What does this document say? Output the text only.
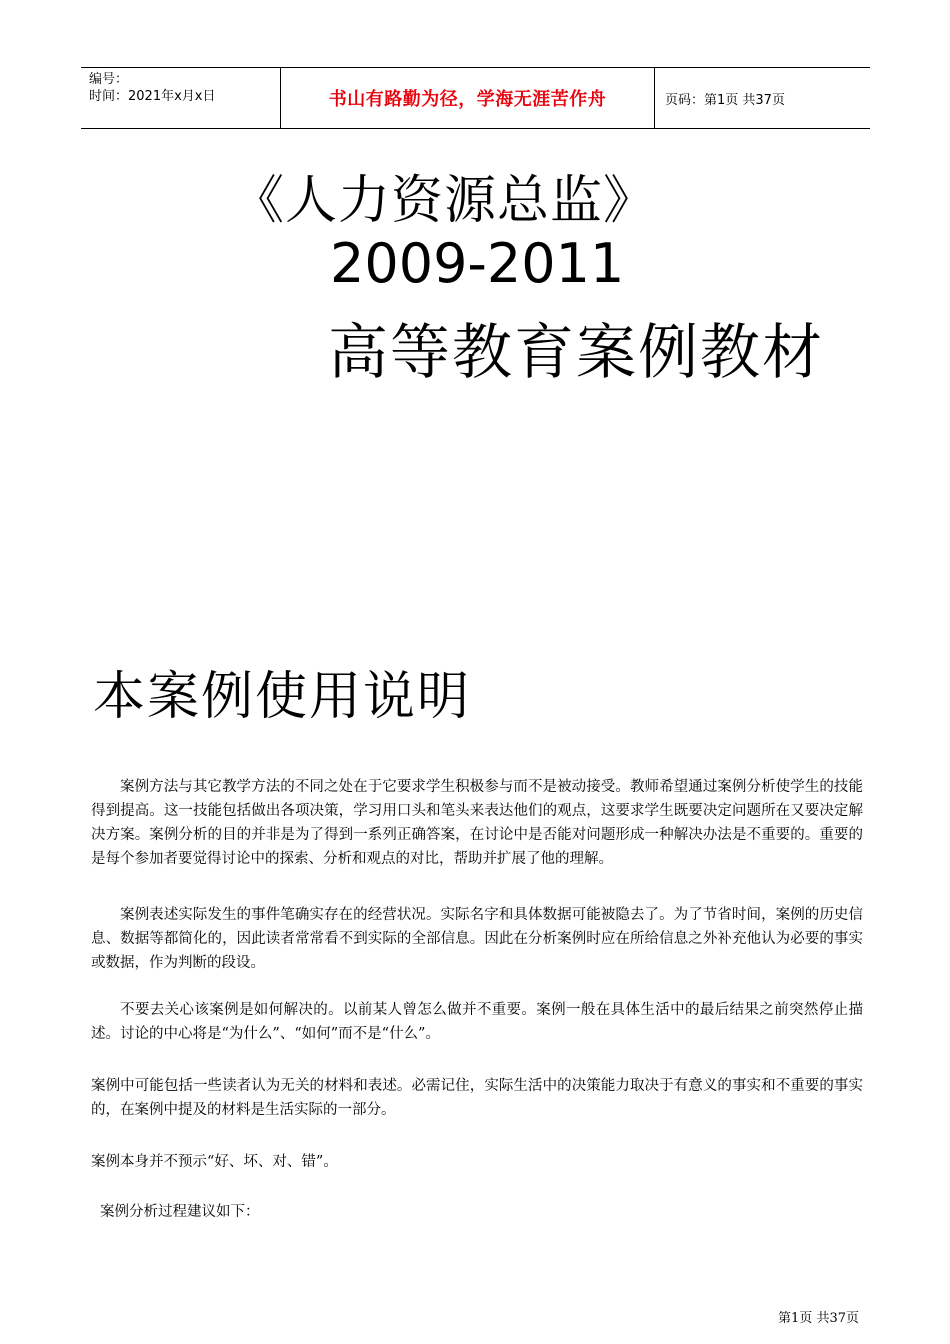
编号：
时间：2021年x月x日	书山有路勤为径，学海无涯苦作舟	页码：第1页 共37页
《人力资源总监》
2009-2011
高等教育案例教材
本案例使用说明

案例方法与其它教学方法的不同之处在于它要求学生积极参与而不是被动接受。教师希望通过案例分析使学生的技能得到提高。这一技能包括做出各项决策，学习用口头和笔头来表达他们的观点，这要求学生既要决定问题所在又要决定解决方案。案例分析的目的并非是为了得到一系列正确答案，在讨论中是否能对问题形成一种解决办法是不重要的。重要的是每个参加者要觉得讨论中的探索、分析和观点的对比，帮助并扩展了他的理解。

案例表述实际发生的事件笔确实存在的经营状况。实际名字和具体数据可能被隐去了。为了节省时间，案例的历史信息、数据等都简化的，因此读者常常看不到实际的全部信息。因此在分析案例时应在所给信息之外补充他认为必要的事实或数据，作为判断的段设。

不要去关心该案例是如何解决的。以前某人曾怎么做并不重要。案例一般在具体生活中的最后结果之前突然停止描述。讨论的中心将是“为什么”、“如何”而不是“什么”。

案例中可能包括一些读者认为无关的材料和表述。必需记住，实际生活中的决策能力取决于有意义的事实和不重要的事实的，在案例中提及的材料是生活实际的一部分。

案例本身并不预示“好、坏、对、错”。

案例分析过程建议如下：

第1页 共37页
